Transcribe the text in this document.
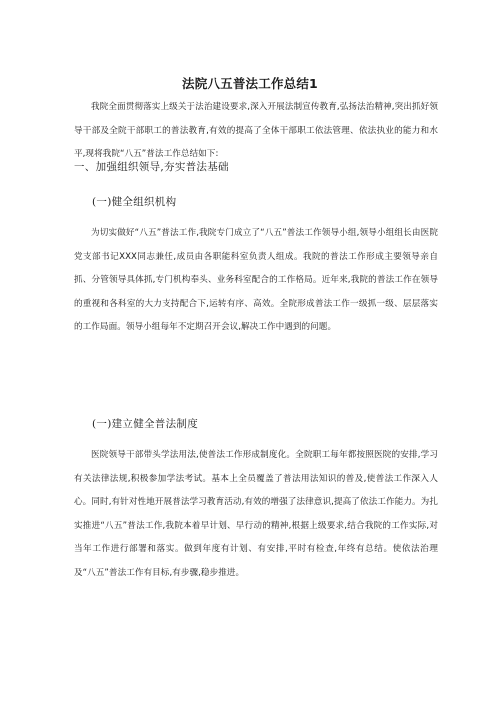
法院八五普法工作总结1

我院全面贯彻落实上级关于法治建设要求,深入开展法制宣传教育,弘扬法治精神,突出抓好领导干部及全院干部职工的普法教育,有效的提高了全体干部职工依法管理、依法执业的能力和水平,现将我院“八五”普法工作总结如下:

一、加强组织领导,夯实普法基础
(一)健全组织机构

为切实做好“八五”普法工作,我院专门成立了“八五”普法工作领导小组,领导小组组长由医院党支部书记XXX同志兼任,成员由各职能科室负责人组成。我院的普法工作形成主要领导亲自抓、分管领导具体抓,专门机构奉头、业务科室配合的工作格局。近年来,我院的普法工作在领导的重视和各科室的大力支持配合下,运转有序、高效。全院形成普法工作一级抓一级、层层落实的工作局面。领导小组每年不定期召开会议,解决工作中遇到的问题。

(一)建立健全普法制度

医院领导干部带头学法用法,使普法工作形成制度化。全院职工每年都按照医院的安排,学习有关法律法规,积极参加学法考试。基本上全员覆盖了普法用法知识的普及,使普法工作深入人心。同时,有针对性地开展普法学习教育活动,有效的增强了法律意识,提高了依法工作能力。为扎实推进“八五”普法工作,我院本着早计划、早行动的精神,根据上级要求,结合我院的工作实际,对当年工作进行部署和落实。做到年度有计划、有安排,平时有检查,年终有总结。使依法治理及“八五”普法工作有目标,有步骤,稳步推进。
